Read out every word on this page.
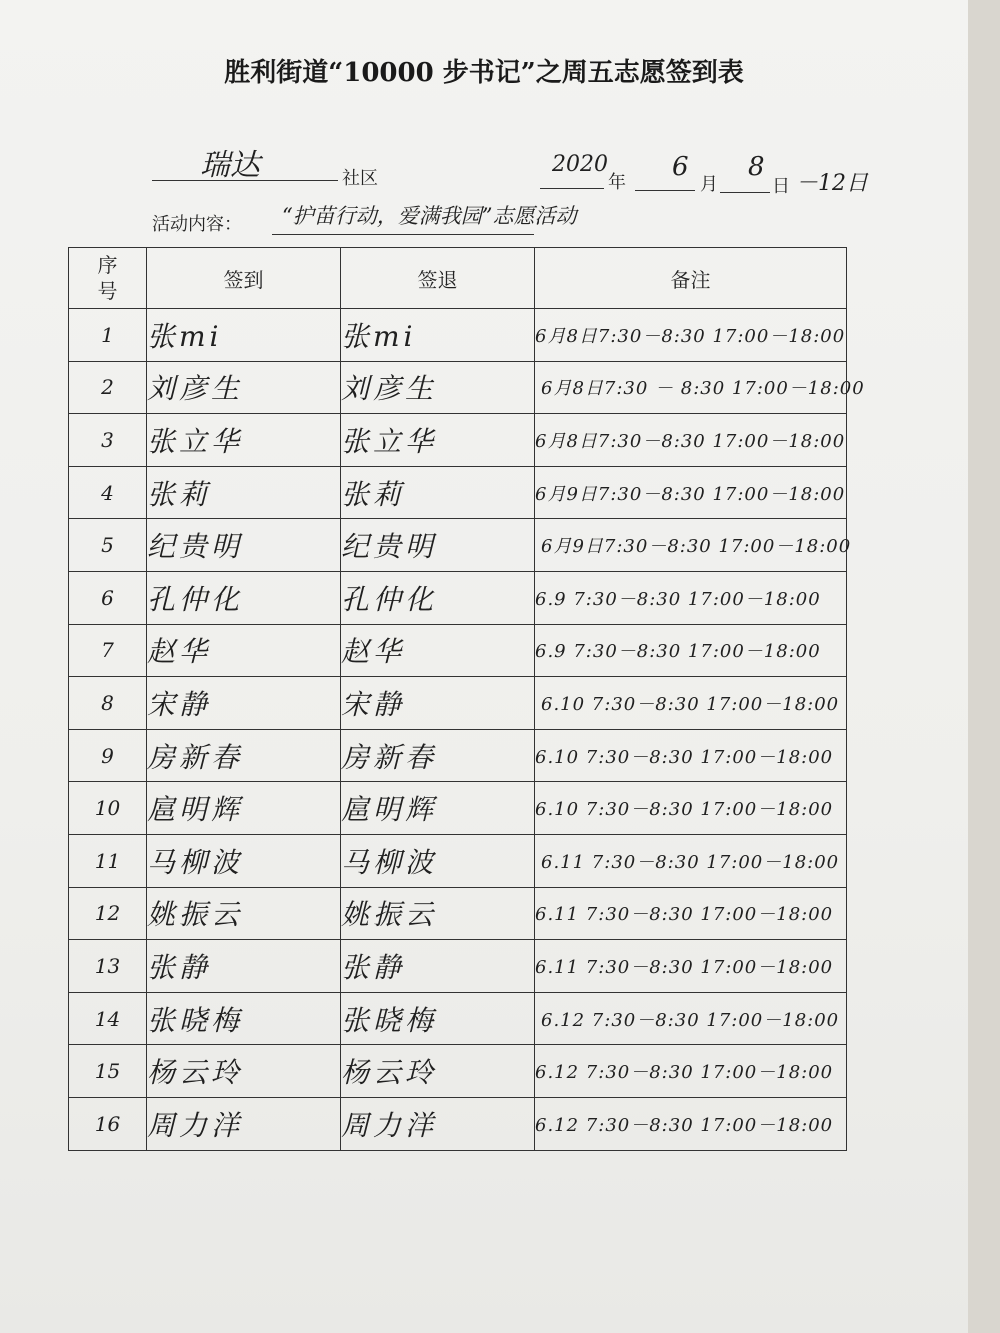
胜利街道“10000 步书记”之周五志愿签到表
瑞达	社区
2020
年
6
月
8
日 －12日
活动内容： “护苗行动，爱满我园”志愿活动
序号	签到	签退	备注
1	张mi	张mi	6月8日7:30－8:30 17:00－18:00
2	刘彦生	刘彦生	6月8日7:30 － 8:30 17:00－18:00
3	张立华	张立华	6月8日7:30－8:30 17:00－18:00
4	张莉	张莉	6月9日7:30－8:30 17:00－18:00
5	纪贵明	纪贵明	6月9日7:30－8:30 17:00－18:00
6	孔仲化	孔仲化	6.9 7:30－8:30 17:00－18:00
7	赵华	赵华	6.9 7:30－8:30 17:00－18:00
8	宋静	宋静	6.10 7:30－8:30 17:00－18:00
9	房新春	房新春	6.10 7:30－8:30 17:00－18:00
10	扈明辉	扈明辉	6.10 7:30－8:30 17:00－18:00
11	马柳波	马柳波	6.11 7:30－8:30 17:00－18:00
12	姚振云	姚振云	6.11 7:30－8:30 17:00－18:00
13	张静	张静	6.11 7:30－8:30 17:00－18:00
14	张晓梅	张晓梅	6.12 7:30－8:30 17:00－18:00
15	杨云玲	杨云玲	6.12 7:30－8:30 17:00－18:00
16	周力洋	周力洋	6.12 7:30－8:30 17:00－18:00
